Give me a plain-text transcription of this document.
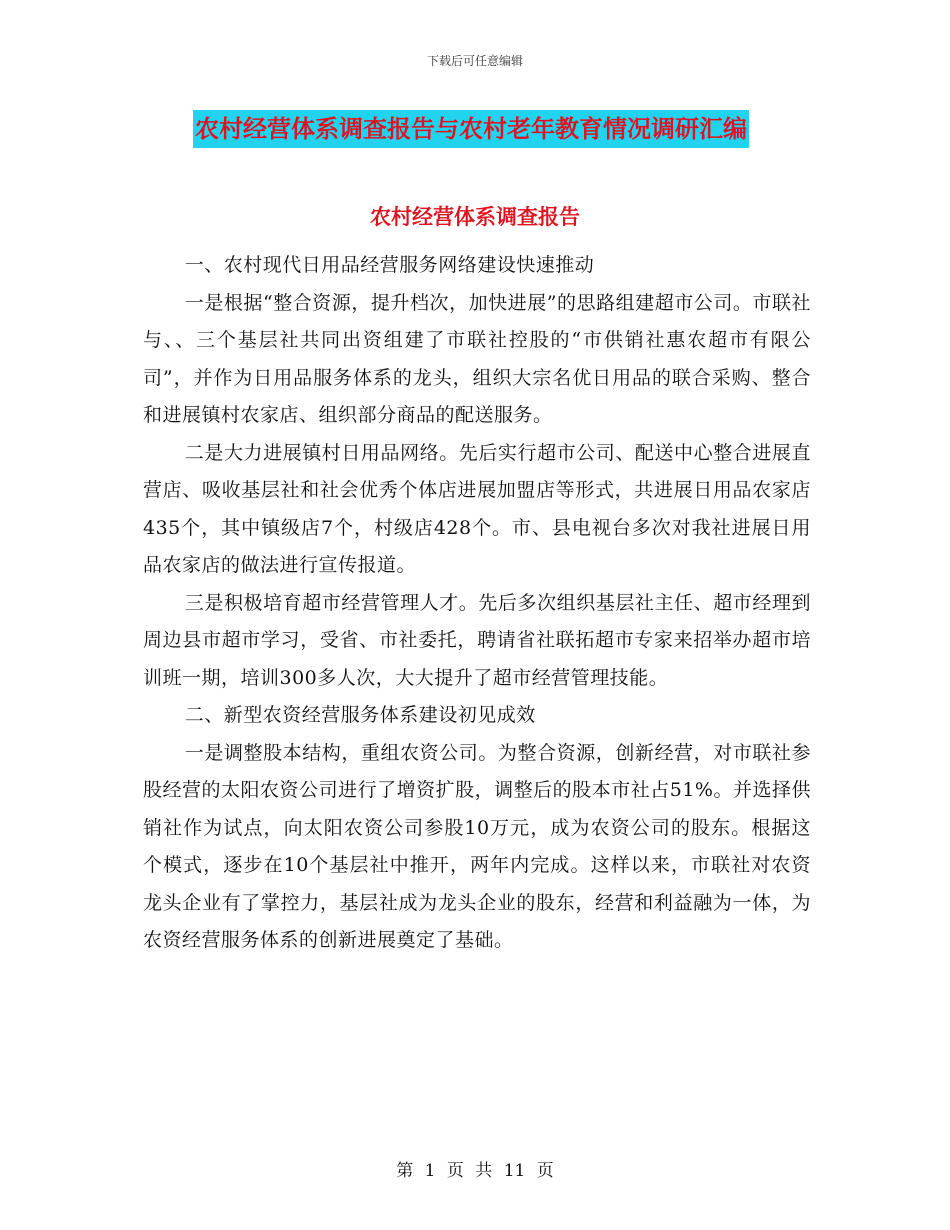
下载后可任意编辑
农村经营体系调查报告与农村老年教育情况调研汇编
农村经营体系调查报告

一、农村现代日用品经营服务网络建设快速推动

一是根据“整合资源，提升档次，加快进展”的思路组建超市公司。市联社与、、三个基层社共同出资组建了市联社控股的“市供销社惠农超市有限公司”，并作为日用品服务体系的龙头，组织大宗名优日用品的联合采购、整合和进展镇村农家店、组织部分商品的配送服务。

二是大力进展镇村日用品网络。先后实行超市公司、配送中心整合进展直营店、吸收基层社和社会优秀个体店进展加盟店等形式，共进展日用品农家店435个，其中镇级店7个，村级店428个。市、县电视台多次对我社进展日用品农家店的做法进行宣传报道。

三是积极培育超市经营管理人才。先后多次组织基层社主任、超市经理到周边县市超市学习，受省、市社委托，聘请省社联拓超市专家来招举办超市培训班一期，培训300多人次，大大提升了超市经营管理技能。

二、新型农资经营服务体系建设初见成效

一是调整股本结构，重组农资公司。为整合资源，创新经营，对市联社参股经营的太阳农资公司进行了增资扩股，调整后的股本市社占51%。并选择供销社作为试点，向太阳农资公司参股10万元，成为农资公司的股东。根据这个模式，逐步在10个基层社中推开，两年内完成。这样以来，市联社对农资龙头企业有了掌控力，基层社成为龙头企业的股东，经营和利益融为一体，为农资经营服务体系的创新进展奠定了基础。

第 1 页 共 11 页
